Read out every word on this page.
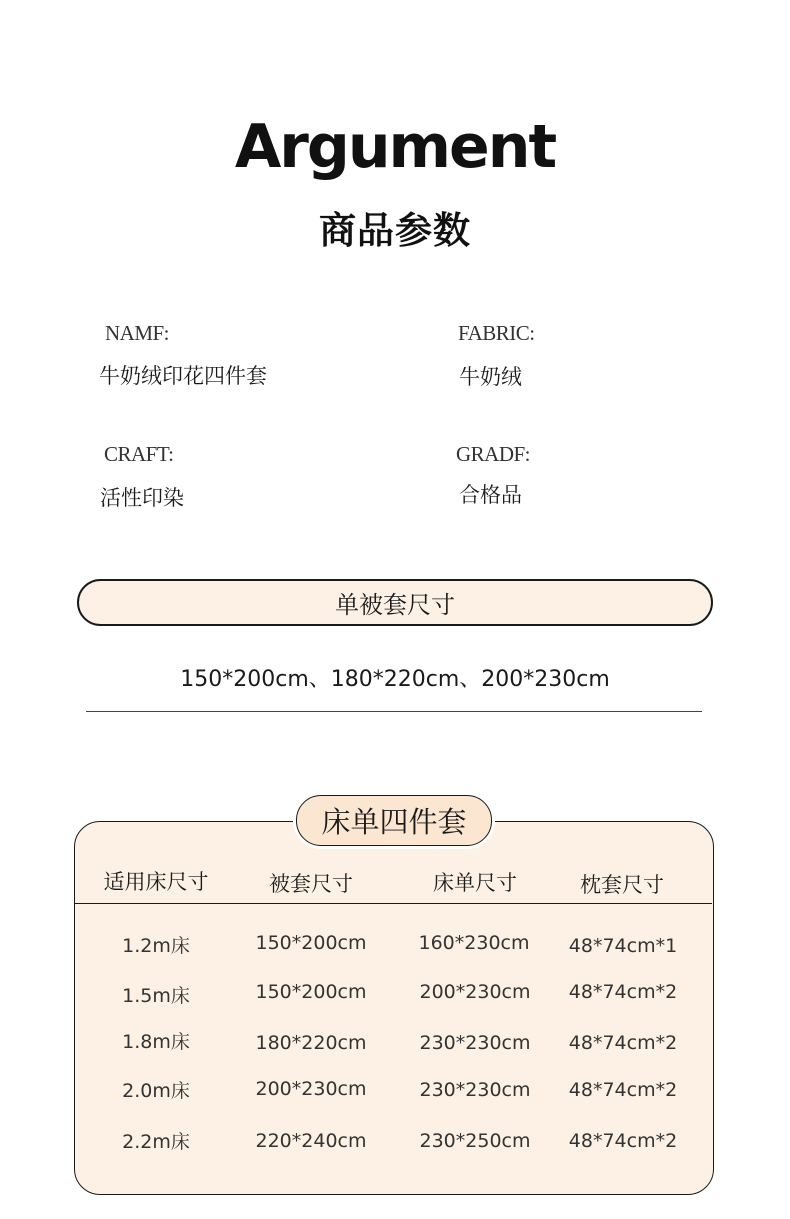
Argument
商品参数
NAMF:
牛奶绒印花四件套
FABRIC:
牛奶绒
CRAFT:
活性印染
GRADF:
合格品
单被套尺寸
150*200cm、180*220cm、200*230cm
床单四件套
适用床尺寸	被套尺寸	床单尺寸	枕套尺寸
1.2m床	150*200cm	160*230cm	48*74cm*1
1.5m床	150*200cm	200*230cm	48*74cm*2
1.8m床	180*220cm	230*230cm	48*74cm*2
2.0m床	200*230cm	230*230cm	48*74cm*2
2.2m床	220*240cm	230*250cm	48*74cm*2
